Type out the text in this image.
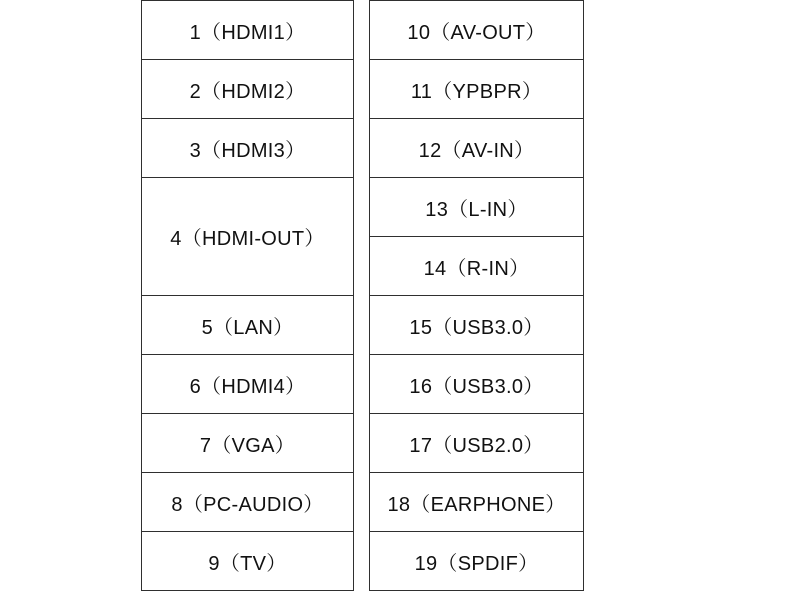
1（HDMI1）
2（HDMI2）
3（HDMI3）
4（HDMI-OUT）
5（LAN）
6（HDMI4）
7（VGA）
8（PC-AUDIO）
9（TV）
10（AV-OUT）
11（YPBPR）
12（AV-IN）
13（L-IN）
14（R-IN）
15（USB3.0）
16（USB3.0）
17（USB2.0）
18（EARPHONE）
19（SPDIF）
